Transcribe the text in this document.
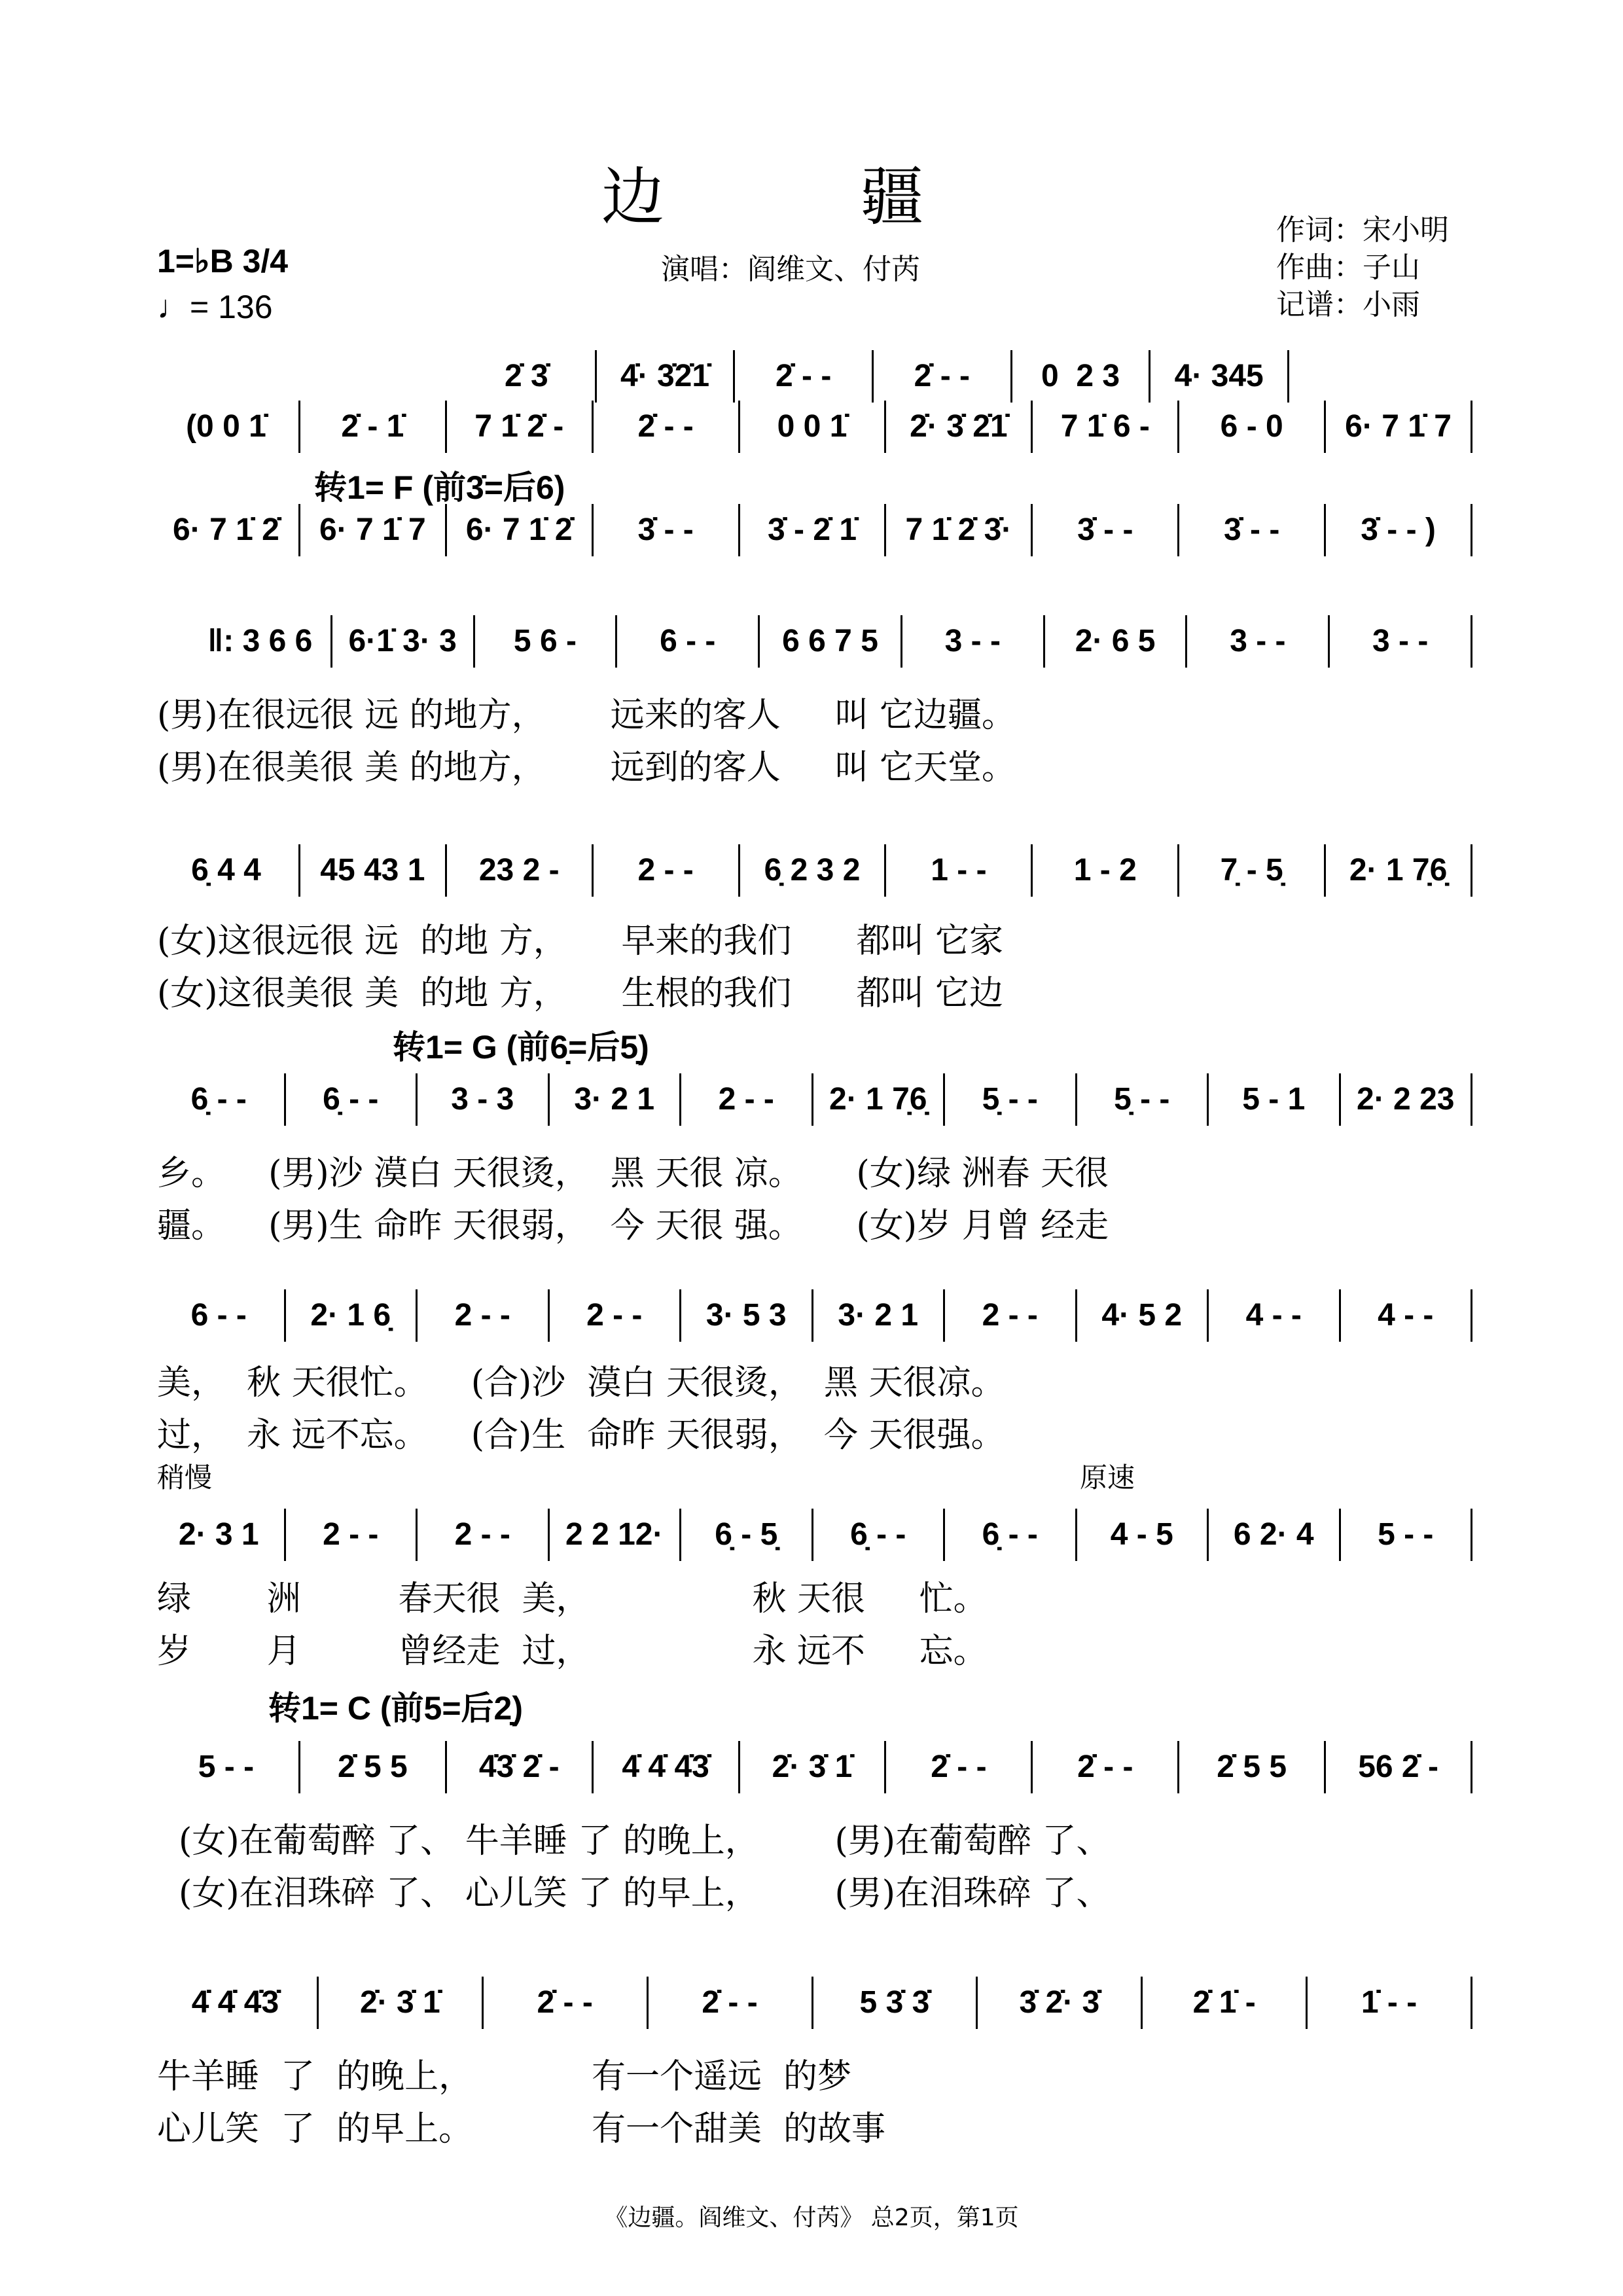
边疆
1=♭B 3/4
♩= 136
演唱：阎维文、付芮
作词：宋小明
作曲：子山
记谱：小雨
2̇ 3̇	4̇· 3̇2̇1̇	2̇ - -	2̇ - -	0  2 3	4· 345
(0 0 1̇	2̇ - 1̇	7 1̇ 2̇ -	2̇ - -	0 0 1̇	2̇· 3̇ 2̇1̇	7 1̇ 6 -	6 - 0	6· 7 1̇ 7
转1= F (前3̇=后6)
6· 7 1̇ 2̇	6· 7 1̇ 7	6· 7 1̇ 2̇	3̇ - -	3̇ - 2̇ 1̇	7 1̇ 2̇ 3̇·	3̇ - -	3̇ - -	3̇ - - )
‖: 3 6 6	6·1̇ 3· 3	5 6 -	6 - -	6 6 7 5	3 - -	2· 6 5	3 - -	3 - -
(男)在很远很 远 的地方，      远来的客人     叫 它边疆。
(男)在很美很 美 的地方，      远到的客人     叫 它天堂。
6̣ 4 4	45 43 1	23 2 -	2 - -	6̣ 2 3 2	1 - -	1 - 2	7̣ - 5̣	2· 1 7̣6̣
(女)这很远很 远  的地 方，     早来的我们      都叫 它家
(女)这很美很 美  的地 方，     生根的我们      都叫 它边
转1= G (前6̣=后5̣)
6̣ - -	6̣ - -	3 - 3	3· 2 1	2 - -	2· 1 7̣6̣	5̣ - -	5̣ - -	5 - 1	2· 2 23
乡。    (男)沙 漠白 天很烫，  黑 天很 凉。     (女)绿 洲春 天很
疆。    (男)生 命昨 天很弱，  今 天很 强。     (女)岁 月曾 经走
6 - -	2· 1 6̣	2 - -	2 - -	3· 5 3	3· 2 1	2 - -	4· 5 2	4 - -	4 - -
美，  秋 天很忙。    (合)沙  漠白 天很烫，  黑 天很凉。
过，  永 远不忘。    (合)生  命昨 天很弱，  今 天很强。
稍慢	原速
2· 3 1	2 - -	2 - -	2 2 12·	6̣ - 5̣	6̣ - -	6̣ - -	4 - 5	6 2· 4	5 - -
绿       洲         春天很  美，               秋 天很     忙。
岁       月         曾经走  过，               永 远不     忘。
转1= C (前5=后2̣)
5 - -	2̇ 5 5	4̇3̇ 2̇ -	4̇ 4̇ 4̇3̇	2̇· 3̇ 1̇	2̇ - -	2̇ - -	2̇ 5 5	56 2̇ -
(女)在葡萄醉 了、 牛羊睡 了 的晚上，       (男)在葡萄醉 了、
(女)在泪珠碎 了、 心儿笑 了 的早上，       (男)在泪珠碎 了、
4̇ 4̇ 4̇3̇	2̇· 3̇ 1̇	2̇ - -	2̇ - -	5 3̇ 3̇	3̇ 2̇· 3̇	2̇ 1̇ -	1̇ - -
牛羊睡  了  的晚上，           有一个遥远  的梦
心儿笑  了  的早上。           有一个甜美  的故事
《边疆。阎维文、付芮》 总2页，第1页
